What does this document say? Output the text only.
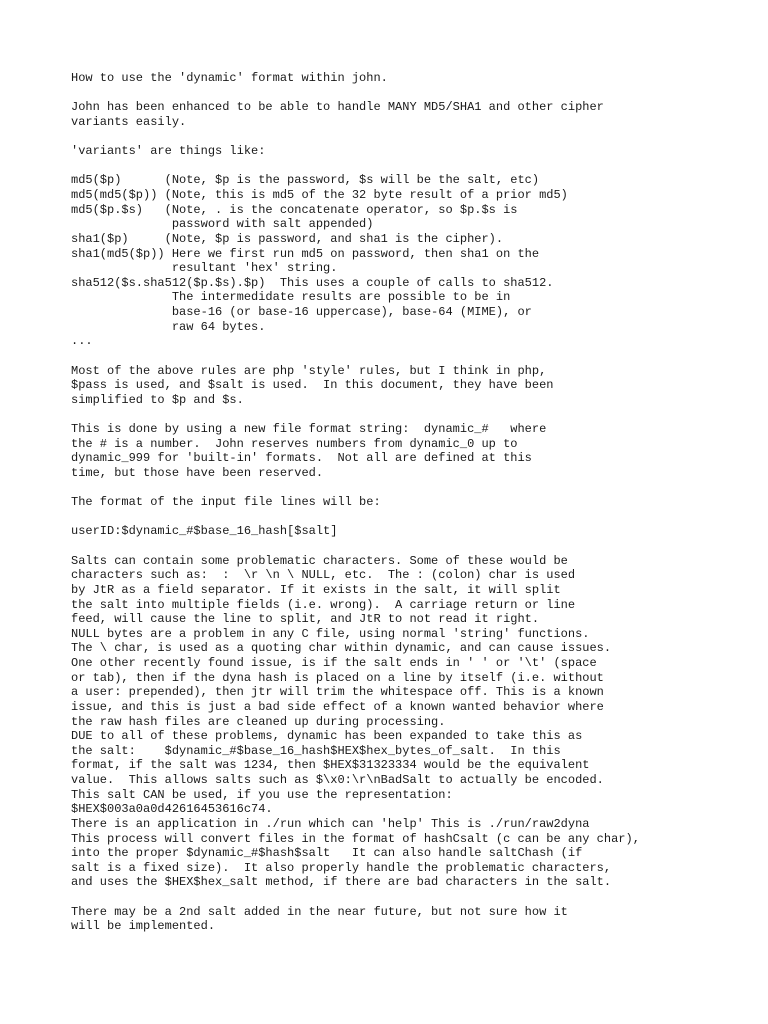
How to use the 'dynamic' format within john.
John has been enhanced to be able to handle MANY MD5/SHA1 and other cipher
variants easily.
'variants' are things like:
md5($p)      (Note, $p is the password, $s will be the salt, etc)
md5(md5($p)) (Note, this is md5 of the 32 byte result of a prior md5)
md5($p.$s)   (Note, . is the concatenate operator, so $p.$s is
password with salt appended)
sha1($p)     (Note, $p is password, and sha1 is the cipher).
sha1(md5($p)) Here we first run md5 on password, then sha1 on the
resultant 'hex' string.
sha512($s.sha512($p.$s).$p)  This uses a couple of calls to sha512.
The intermedidate results are possible to be in
base-16 (or base-16 uppercase), base-64 (MIME), or
raw 64 bytes.
...
Most of the above rules are php 'style' rules, but I think in php,
$pass is used, and $salt is used.  In this document, they have been
simplified to $p and $s.
This is done by using a new file format string:  dynamic_#   where
the # is a number.  John reserves numbers from dynamic_0 up to
dynamic_999 for 'built-in' formats.  Not all are defined at this
time, but those have been reserved.
The format of the input file lines will be:
userID:$dynamic_#$base_16_hash[$salt]
Salts can contain some problematic characters. Some of these would be
characters such as:  :  \r \n \ NULL, etc.  The : (colon) char is used
by JtR as a field separator. If it exists in the salt, it will split
the salt into multiple fields (i.e. wrong).  A carriage return or line
feed, will cause the line to split, and JtR to not read it right.
NULL bytes are a problem in any C file, using normal 'string' functions.
The \ char, is used as a quoting char within dynamic, and can cause issues.
One other recently found issue, is if the salt ends in ' ' or '\t' (space
or tab), then if the dyna hash is placed on a line by itself (i.e. without
a user: prepended), then jtr will trim the whitespace off. This is a known
issue, and this is just a bad side effect of a known wanted behavior where
the raw hash files are cleaned up during processing.
DUE to all of these problems, dynamic has been expanded to take this as
the salt:    $dynamic_#$base_16_hash$HEX$hex_bytes_of_salt.  In this
format, if the salt was 1234, then $HEX$31323334 would be the equivalent
value.  This allows salts such as $\x0:\r\nBadSalt to actually be encoded.
This salt CAN be used, if you use the representation:
$HEX$003a0a0d42616453616c74.
There is an application in ./run which can 'help' This is ./run/raw2dyna
This process will convert files in the format of hashCsalt (c can be any char),
into the proper $dynamic_#$hash$salt   It can also handle saltChash (if
salt is a fixed size).  It also properly handle the problematic characters,
and uses the $HEX$hex_salt method, if there are bad characters in the salt.
There may be a 2nd salt added in the near future, but not sure how it
will be implemented.
